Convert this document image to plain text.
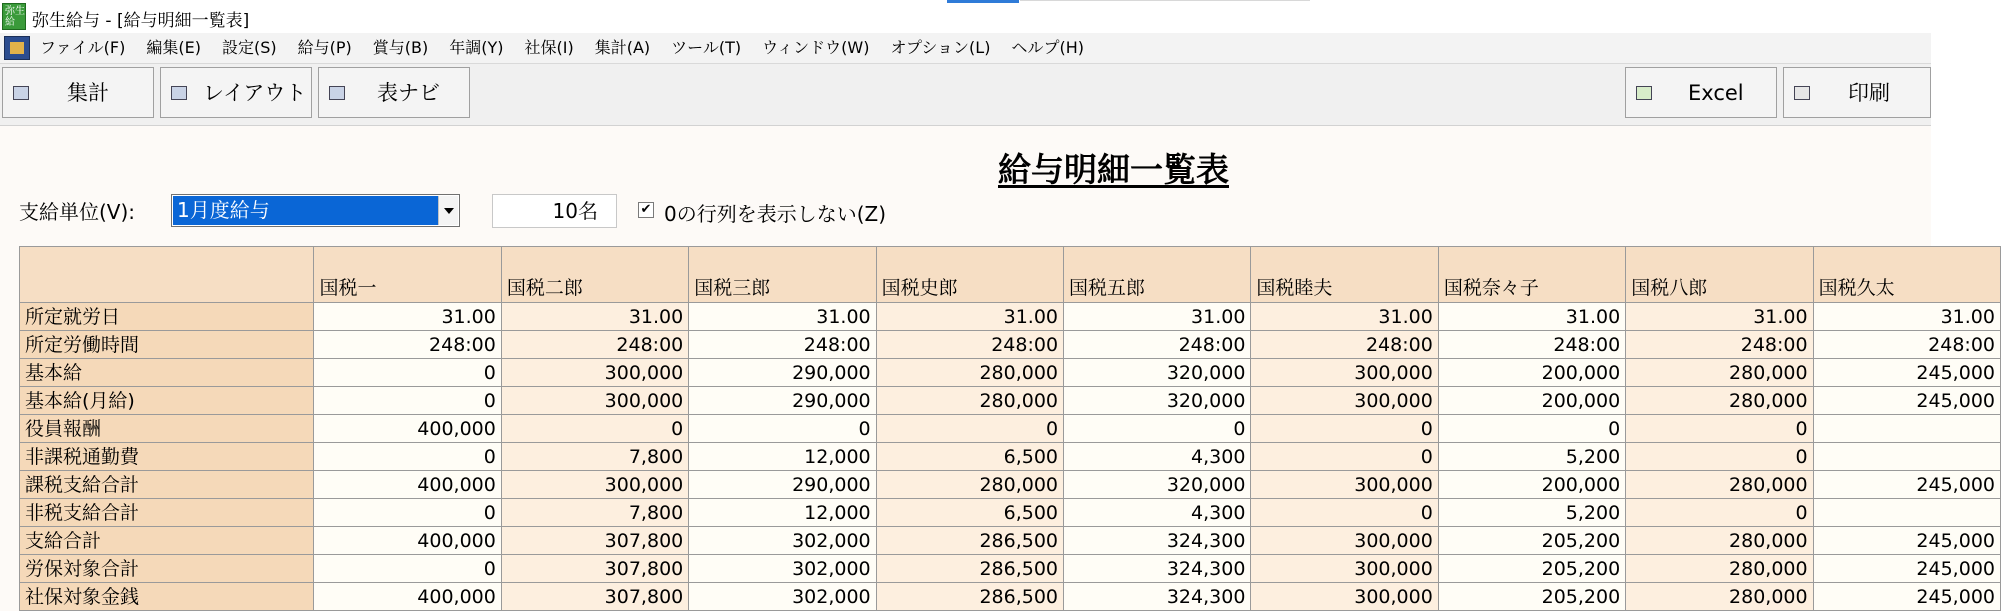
弥生
給	弥生給与 - [給与明細一覧表]
ファイル(F) 編集(E) 設定(S) 給与(P) 賞与(B) 年調(Y) 社保(I) 集計(A) ツール(T) ウィンドウ(W) オプション(L) ヘルプ(H)
集計	レイアウト	表ナビ	Excel	印刷
給与明細一覧表
支給単位(V): 1月度給与	10名	✔ 0の行列を表示しない(Z)
	国税一	国税二郎	国税三郎	国税史郎	国税五郎	国税睦夫	国税奈々子	国税八郎	国税久太
所定就労日	31.00	31.00	31.00	31.00	31.00	31.00	31.00	31.00	31.00
所定労働時間	248:00	248:00	248:00	248:00	248:00	248:00	248:00	248:00	248:00
基本給	0	300,000	290,000	280,000	320,000	300,000	200,000	280,000	245,000
基本給(月給)	0	300,000	290,000	280,000	320,000	300,000	200,000	280,000	245,000
役員報酬	400,000	0	0	0	0	0	0	0	
非課税通勤費	0	7,800	12,000	6,500	4,300	0	5,200	0	
課税支給合計	400,000	300,000	290,000	280,000	320,000	300,000	200,000	280,000	245,000
非税支給合計	0	7,800	12,000	6,500	4,300	0	5,200	0	
支給合計	400,000	307,800	302,000	286,500	324,300	300,000	205,200	280,000	245,000
労保対象合計	0	307,800	302,000	286,500	324,300	300,000	205,200	280,000	245,000
社保対象金銭	400,000	307,800	302,000	286,500	324,300	300,000	205,200	280,000	245,000
